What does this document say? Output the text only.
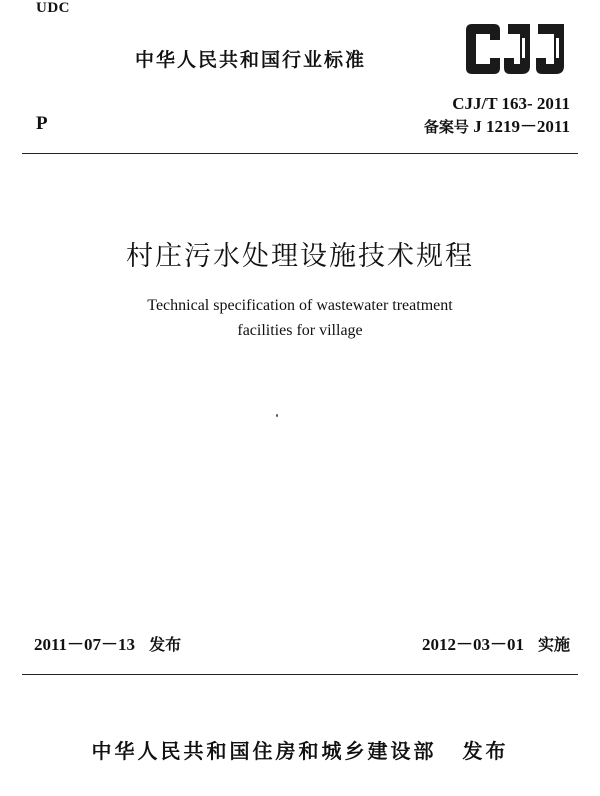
UDC
中华人民共和国行业标准
P
CJJ/T 163- 2011
备案号 J 1219－2011
村庄污水处理设施技术规程
Technical specification of wastewater treatment
facilities for village
2011－07－13 发布	2012－03－01 实施
中华人民共和国住房和城乡建设部 发布
